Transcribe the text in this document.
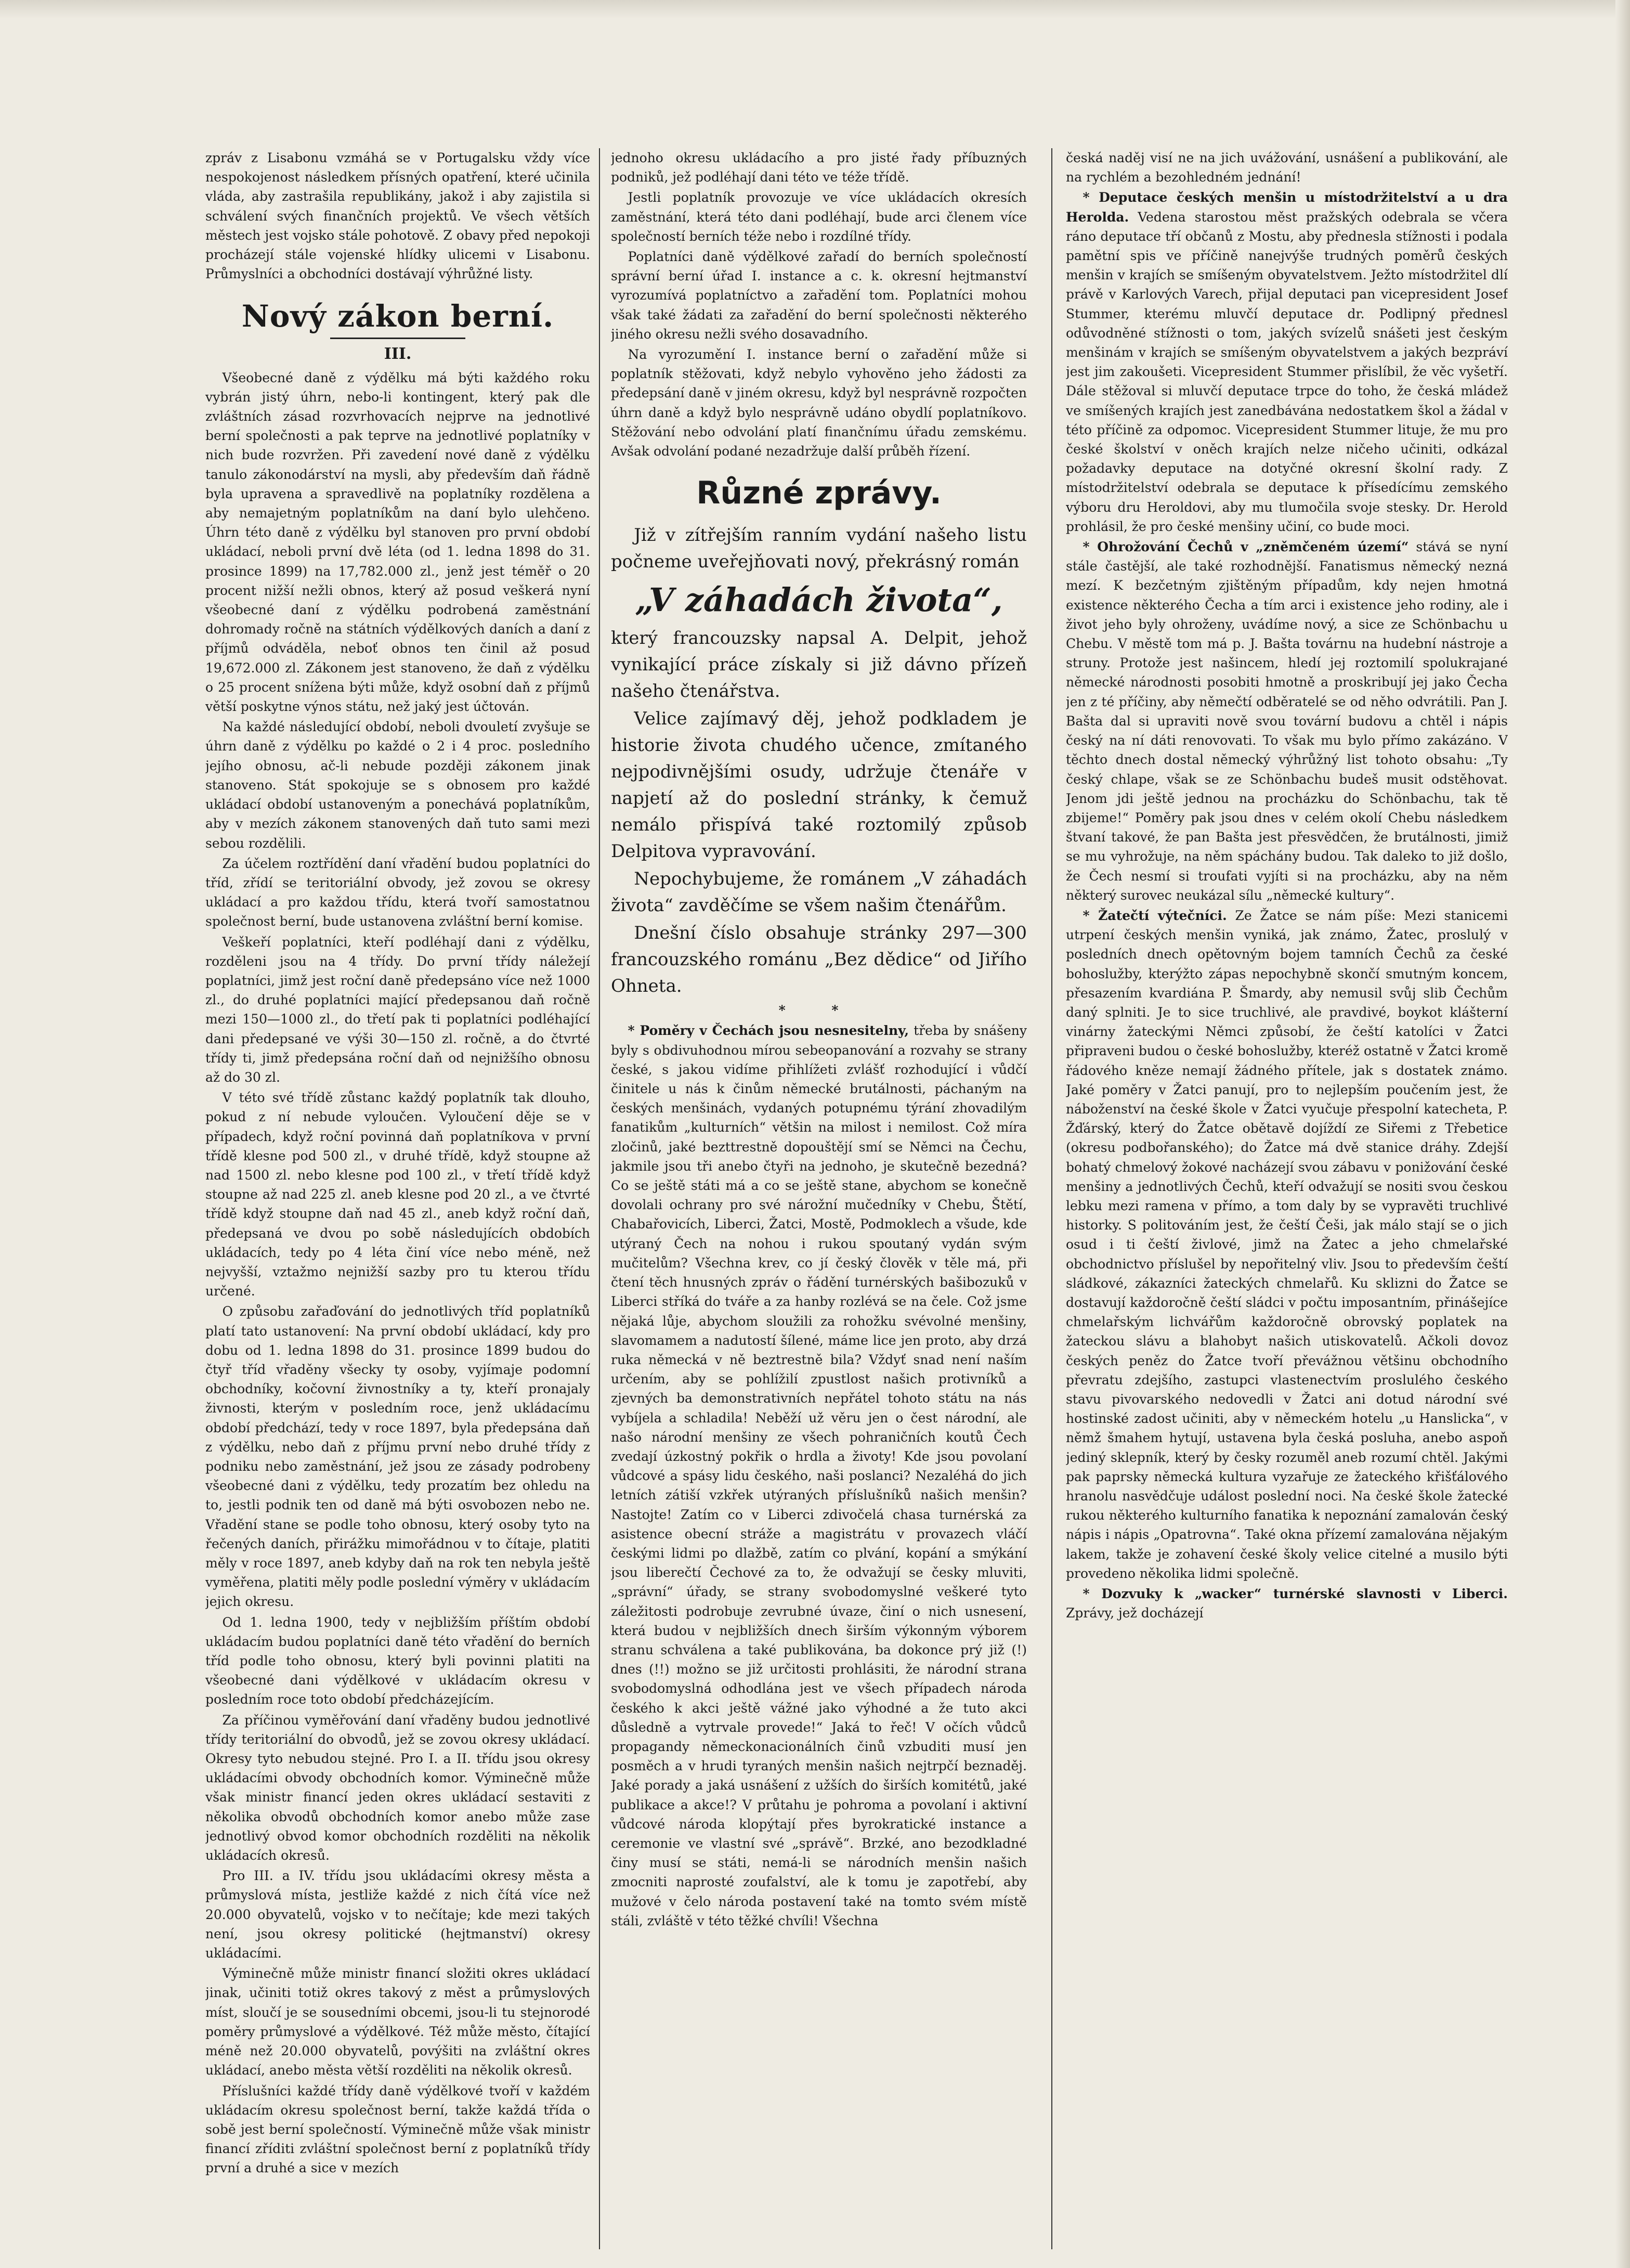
zpráv z Lisabonu vzmáhá se v Portugalsku vždy více nespokojenost následkem přísných opatření, které učinila vláda, aby zastrašila republikány, jakož i aby zajistila si schválení svých finančních projektů. Ve všech větších městech jest vojsko stále pohotově. Z obavy před nepokoji procházejí stále vojenské hlídky ulicemi v Lisabonu. Průmyslníci a obchodníci dostávají výhrůžné listy.

Nový zákon berní.
III.

Všeobecné daně z výdělku má býti každého roku vybrán jistý úhrn, nebo-li kontingent, který pak dle zvláštních zásad rozvrhovacích nejprve na jednotlivé berní společnosti a pak teprve na jednotlivé poplatníky v nich bude rozvržen. Při zavedení nové daně z výdělku tanulo zákonodárství na mysli, aby především daň řádně byla upravena a spravedlivě na poplatníky rozdělena a aby nemajetným poplatníkům na daní bylo ulehčeno. Úhrn této daně z výdělku byl stanoven pro první období ukládací, neboli první dvě léta (od 1. ledna 1898 do 31. prosince 1899) na 17,782.000 zl., jenž jest téměř o 20 procent nižší nežli obnos, který až posud veškerá nyní všeobecné daní z výdělku podrobená zaměstnání dohromady ročně na státních výdělkových daních a daní z příjmů odváděla, neboť obnos ten činil až posud 19,672.000 zl. Zákonem jest stanoveno, že daň z výdělku o 25 procent snížena býti může, když osobní daň z příjmů větší poskytne výnos státu, než jaký jest účtován.

Na každé následující období, neboli dvouletí zvyšuje se úhrn daně z výdělku po každé o 2 i 4 proc. posledního jejího obnosu, ač-li nebude později zákonem jinak stanoveno. Stát spokojuje se s obnosem pro každé ukládací období ustanoveným a ponechává poplatníkům, aby v mezích zákonem stanovených daň tuto sami mezi sebou rozdělili.

Za účelem roztřídění daní vřadění budou poplatníci do tříd, zřídí se teritoriální obvody, jež zovou se okresy ukládací a pro každou třídu, která tvoří samostatnou společnost berní, bude ustanovena zvláštní berní komise.

Veškeří poplatníci, kteří podléhají dani z výdělku, rozděleni jsou na 4 třídy. Do první třídy náležejí poplatníci, jimž jest roční daně předepsáno více než 1000 zl., do druhé poplatníci mající předepsanou daň ročně mezi 150—1000 zl., do třetí pak ti poplatníci podléhající dani předepsané ve výši 30—150 zl. ročně, a do čtvrté třídy ti, jimž předepsána roční daň od nejnižšího obnosu až do 30 zl.

V této své třídě zůstanc každý poplatník tak dlouho, pokud z ní nebude vyloučen. Vyloučení děje se v případech, když roční povinná daň poplatníkova v první třídě klesne pod 500 zl., v druhé třídě, když stoupne až nad 1500 zl. nebo klesne pod 100 zl., v třetí třídě když stoupne až nad 225 zl. aneb klesne pod 20 zl., a ve čtvrté třídě když stoupne daň nad 45 zl., aneb když roční daň, předepsaná ve dvou po sobě následujících obdobích ukládacích, tedy po 4 léta činí více nebo méně, než nejvyšší, vztažmo nejnižší sazby pro tu kterou třídu určené.

O způsobu zařaďování do jednotlivých tříd poplatníků platí tato ustanovení: Na první období ukládací, kdy pro dobu od 1. ledna 1898 do 31. prosince 1899 budou do čtyř tříd vřaděny všecky ty osoby, vyjímaje podomní obchodníky, kočovní živnostníky a ty, kteří pronajaly živnosti, kterým v posledním roce, jenž ukládacímu období předchází, tedy v roce 1897, byla předepsána daň z výdělku, nebo daň z příjmu první nebo druhé třídy z podniku nebo zaměstnání, jež jsou ze zásady podrobeny všeobecné dani z výdělku, tedy prozatím bez ohledu na to, jestli podnik ten od daně má býti osvobozen nebo ne. Vřadění stane se podle toho obnosu, který osoby tyto na řečených daních, přirážku mimořádnou v to čítaje, platiti měly v roce 1897, aneb kdyby daň na rok ten nebyla ještě vyměřena, platiti měly podle poslední výměry v ukládacím jejich okresu.

Od 1. ledna 1900, tedy v nejbližším příštím období ukládacím budou poplatníci daně této vřadění do berních tříd podle toho obnosu, který byli povinni platiti na všeobecné dani výdělkové v ukládacím okresu v posledním roce toto období předcházejícím.

Za příčinou vyměřování daní vřaděny budou jednotlivé třídy teritoriální do obvodů, jež se zovou okresy ukládací. Okresy tyto nebudou stejné. Pro I. a II. třídu jsou okresy ukládacími obvody obchodních komor. Výminečně může však ministr financí jeden okres ukládací sestaviti z několika obvodů obchodních komor anebo může zase jednotlivý obvod komor obchodních rozděliti na několik ukládacích okresů.

Pro III. a IV. třídu jsou ukládacími okresy města a průmyslová místa, jestliže každé z nich čítá více než 20.000 obyvatelů, vojsko v to nečítaje; kde mezi takých není, jsou okresy politické (hejtmanství) okresy ukládacími.

Výminečně může ministr financí složiti okres ukládací jinak, učiniti totiž okres takový z měst a průmyslových míst, sloučí je se sousedními obcemi, jsou-li tu stejnorodé poměry průmyslové a výdělkové. Též může město, čítající méně než 20.000 obyvatelů, povýšiti na zvláštní okres ukládací, anebo města větší rozděliti na několik okresů.

Příslušníci každé třídy daně výdělkové tvoří v každém ukládacím okresu společnost berní, takže každá třída o sobě jest berní společností. Výminečně může však ministr financí zříditi zvláštní společnost berní z poplatníků třídy první a druhé a sice v mezích

jednoho okresu ukládacího a pro jisté řady příbuzných podniků, jež podléhají dani této ve téže třídě.

Jestli poplatník provozuje ve více ukládacích okresích zaměstnání, která této dani podléhají, bude arci členem více společností berních téže nebo i rozdílné třídy.

Poplatníci daně výdělkové zařadí do berních společností správní berní úřad I. instance a c. k. okresní hejtmanství vyrozumívá poplatníctvo a zařadění tom. Poplatníci mohou však také žádati za zařadění do berní společnosti některého jiného okresu nežli svého dosavadního.

Na vyrozumění I. instance berní o zařadění může si poplatník stěžovati, když nebylo vyhověno jeho žádosti za předepsání daně v jiném okresu, když byl nesprávně rozpočten úhrn daně a když bylo nesprávně udáno obydlí poplatníkovo. Stěžování nebo odvolání platí finančnímu úřadu zemskému. Avšak odvolání podané nezadržuje další průběh řízení.

Různé zprávy.

Již v zítřejším ranním vydání našeho listu počneme uveřejňovati nový, překrásný román

„V záhadách života“,

který francouzsky napsal A. Delpit, jehož vynikající práce získaly si již dávno přízeň našeho čtenářstva.

Velice zajímavý děj, jehož podkladem je historie života chudého učence, zmítaného nejpodivnějšími osudy, udržuje čtenáře v napjetí až do poslední stránky, k čemuž nemálo přispívá také roztomilý způsob Delpitova vypravování.

Nepochybujeme, že románem „V záhadách života“ zavděčíme se všem našim čtenářům.

Dnešní číslo obsahuje stránky 297—300 francouzského románu „Bez dědice“ od Jiřího Ohneta.

* *

* Poměry v Čechách jsou nesnesitelny, třeba by snášeny byly s obdivuhodnou mírou sebeopanování a rozvahy se strany české, s jakou vidíme přihlížeti zvlášť rozhodující i vůdčí činitele u nás k činům německé brutálnosti, páchaným na českých menšinách, vydaných potupnému týrání zhovadilým fanatikům „kulturních“ většin na milost i nemilost. Což míra zločinů, jaké bezttrestně dopouštějí smí se Němci na Čechu, jakmile jsou tři anebo čtyři na jednoho, je skutečně bezedná? Co se ještě státi má a co se ještě stane, abychom se konečně dovolali ochrany pro své nárožní mučedníky v Chebu, Štětí, Chabařovicích, Liberci, Žatci, Mostě, Podmoklech a všude, kde utýraný Čech na nohou i rukou spoutaný vydán svým mučitelům? Všechna krev, co jí český člověk v těle má, při čtení těch hnusných zpráv o řádění turnérských bašibozuků v Liberci stříká do tváře a za hanby rozlévá se na čele. Což jsme nějaká lůje, abychom sloužili za rohožku svévolné menšiny, slavomamem a nadutostí šílené, máme lice jen proto, aby drzá ruka německá v ně beztrestně bila? Vždyť snad není naším určením, aby se pohlížilí zpustlost našich protivníků a zjevných ba demonstrativních nepřátel tohoto státu na nás vybíjela a schladila! Neběží už věru jen o čest národní, ale našo národní menšiny ze všech pohraničních koutů Čech zvedají úzkostný pokřik o hrdla a životy! Kde jsou povolaní vůdcové a spásy lidu českého, naši poslanci? Nezaléhá do jich letních zátiší vzkřek utýraných příslušníků našich menšin? Nastojte! Zatím co v Liberci zdivočelá chasa turnérská za asistence obecní stráže a magistrátu v provazech vláčí českými lidmi po dlažbě, zatím co plvání, kopání a smýkání jsou liberečtí Čechové za to, že odvažují se česky mluviti, „správní“ úřady, se strany svobodomyslné veškeré tyto záležitosti podrobuje zevrubné úvaze, činí o nich usnesení, která budou v nejbližších dnech širším výkonným výborem stranu schválena a také publikována, ba dokonce prý již (!) dnes (!!) možno se již určitosti prohlásiti, že národní strana svobodomyslná odhodlána jest ve všech případech národa českého k akci ještě vážné jako výhodné a že tuto akci důsledně a vytrvale provede!“ Jaká to řeč! V očích vůdců propagandy německonacionálních činů vzbuditi musí jen posměch a v hrudi tyraných menšin našich nejtrpčí beznaděj. Jaké porady a jaká usnášení z užších do širších komitétů, jaké publikace a akce!? V průtahu je pohroma a povolaní i aktivní vůdcové národa klopýtají přes byrokratické instance a ceremonie ve vlastní své „správě“. Brzké, ano bezodkladné činy musí se státi, nemá-li se národních menšin našich zmocniti naprosté zoufalství, ale k tomu je zapotřebí, aby mužové v čelo národa postavení také na tomto svém místě stáli, zvláště v této těžké chvíli! Všechna

česká naděj visí ne na jich uvážování, usnášení a publikování, ale na rychlém a bezohledném jednání!

* Deputace českých menšin u místodržitelství a u dra Herolda. Vedena starostou měst pražských odebrala se včera ráno deputace tří občanů z Mostu, aby přednesla stížnosti i podala pamětní spis ve příčině nanejvýše trudných poměrů českých menšin v krajích se smíšeným obyvatelstvem. Ježto místodržitel dlí právě v Karlových Varech, přijal deputaci pan vicepresident Josef Stummer, kterému mluvčí deputace dr. Podlipný přednesl odůvodněné stížnosti o tom, jakých svízelů snášeti jest českým menšinám v krajích se smíšeným obyvatelstvem a jakých bezpráví jest jim zakoušeti. Vicepresident Stummer přislíbil, že věc vyšetří. Dále stěžoval si mluvčí deputace trpce do toho, že česká mládež ve smíšených krajích jest zanedbávána nedostatkem škol a žádal v této příčině za odpomoc. Vicepresident Stummer lituje, že mu pro české školství v oněch krajích nelze ničeho učiniti, odkázal požadavky deputace na dotyčné okresní školní rady. Z místodržitelství odebrala se deputace k přísedícímu zemského výboru dru Heroldovi, aby mu tlumočila svoje stesky. Dr. Herold prohlásil, že pro české menšiny učiní, co bude moci.

* Ohrožování Čechů v „zněmčeném území“ stává se nyní stále častější, ale také rozhodnější. Fanatismus německý nezná mezí. K bezčetným zjištěným případům, kdy nejen hmotná existence některého Čecha a tím arci i existence jeho rodiny, ale i život jeho byly ohroženy, uvádíme nový, a sice ze Schönbachu u Chebu. V městě tom má p. J. Bašta továrnu na hudební nástroje a struny. Protože jest našincem, hledí jej roztomilí spolukrajané německé národnosti posobiti hmotně a proskribují jej jako Čecha jen z té příčiny, aby němečtí odběratelé se od něho odvrátili. Pan J. Bašta dal si upraviti nově svou tovární budovu a chtěl i nápis český na ní dáti renovovati. To však mu bylo přímo zakázáno. V těchto dnech dostal německý výhrůžný list tohoto obsahu: „Ty český chlape, však se ze Schönbachu budeš musit odstěhovat. Jenom jdi ještě jednou na procházku do Schönbachu, tak tě zbijeme!“ Poměry pak jsou dnes v celém okolí Chebu následkem štvaní takové, že pan Bašta jest přesvědčen, že brutálnosti, jimiž se mu vyhrožuje, na něm spáchány budou. Tak daleko to již došlo, že Čech nesmí si troufati vyjíti si na procházku, aby na něm některý surovec neukázal sílu „německé kultury“.

* Žatečtí výtečníci. Ze Žatce se nám píše: Mezi stanicemi utrpení českých menšin vyniká, jak známo, Žatec, proslulý v posledních dnech opětovným bojem tamních Čechů za české bohoslužby, kterýžto zápas nepochybně skončí smutným koncem, přesazením kvardiána P. Šmardy, aby nemusil svůj slib Čechům daný splniti. Je to sice truchlivé, ale pravdivé, boykot klášterní vinárny žateckými Němci způsobí, že čeští katolíci v Žatci připraveni budou o české bohoslužby, kteréž ostatně v Žatci kromě řádového kněze nemají žádného přítele, jak s dostatek známo. Jaké poměry v Žatci panují, pro to nejlepším poučením jest, že náboženství na české škole v Žatci vyučuje přespolní katecheta, P. Žďárský, který do Žatce obětavě dojíždí ze Siřemi z Třebetice (okresu podbořanského); do Žatce má dvě stanice dráhy. Zdejší bohatý chmelový žokové nacházejí svou zábavu v ponižování české menšiny a jednotlivých Čechů, kteří odvažují se nositi svou českou lebku mezi ramena v přímo, a tom daly by se vypravěti truchlivé historky. S politováním jest, že čeští Češi, jak málo stají se o jich osud i ti čeští živlové, jimž na Žatec a jeho chmelařské obchodnictvo příslušel by nepořitelný vliv. Jsou to především čeští sládkové, zákazníci žateckých chmelařů. Ku sklizni do Žatce se dostavují každoročně čeští sládci v počtu imposantním, přinášejíce chmelařským lichvářům každoročně obrovský poplatek na žateckou slávu a blahobyt našich utiskovatelů. Ačkoli dovoz českých peněz do Žatce tvoří převážnou většinu obchodního převratu zdejšího, zastupci vlastenectvím proslulého českého stavu pivovarského nedovedli v Žatci ani dotud národní své hostinské zadost učiniti, aby v německém hotelu „u Hanslicka“, v němž šmahem hytují, ustavena byla česká posluha, anebo aspoň jediný sklepník, který by česky rozuměl aneb rozumí chtěl. Jakými pak paprsky německá kultura vyzařuje ze žateckého křišťálového hranolu nasvědčuje událost poslední noci. Na české škole žatecké rukou některého kulturního fanatika k nepoznání zamalován český nápis i nápis „Opatrovna“. Také okna přízemí zamalována nějakým lakem, takže je zohavení české školy velice citelné a musilo býti provedeno několika lidmi společně.

* Dozvuky k „wacker“ turnérské slavnosti v Liberci. Zprávy, jež docházejí
